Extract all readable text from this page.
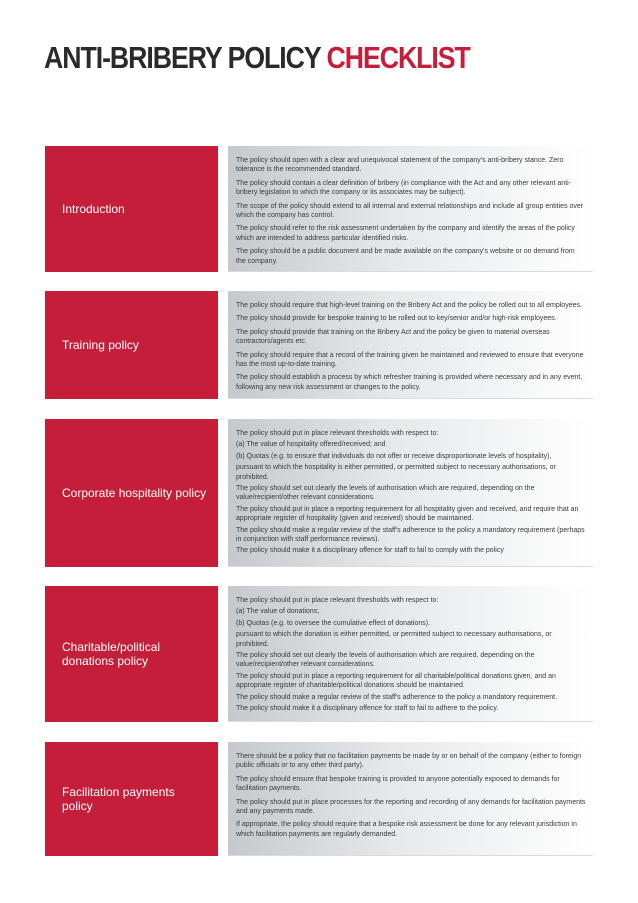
ANTI-BRIBERY POLICY CHECKLIST
Introduction

The policy should open with a clear and unequivocal statement of the company's anti-bribery stance. Zero tolerance is the recommended standard.

The policy should contain a clear definition of bribery (in compliance with the Act and any other relevant anti-bribery legislation to which the company or its associates may be subject).

The scope of the policy should extend to all internal and external relationships and include all group entities over which the company has control.

The policy should refer to the risk assessment undertaken by the company and identify the areas of the policy which are intended to address particular identified risks.

The policy should be a public document and be made available on the company's website or on demand from the company.

Training policy

The policy should require that high-level training on the Bribery Act and the policy be rolled out to all employees.

The policy should provide for bespoke training to be rolled out to key/senior and/or high-risk employees.

The policy should provide that training on the Bribery Act and the policy be given to material overseas contractors/agents etc.

The policy should require that a record of the training given be maintained and reviewed to ensure that everyone has the most up-to-date training.

The policy should establish a process by which refresher training is provided where necessary and in any event, following any new risk assessment or changes to the policy.

Corporate hospitality policy

The policy should put in place relevant thresholds with respect to:

(a) The value of hospitality offered/received; and

(b) Quotas (e.g. to ensure that individuals do not offer or receive disproportionate levels of hospitality),

pursuant to which the hospitality is either permitted, or permitted subject to necessary authorisations, or prohibited.

The policy should set out clearly the levels of authorisation which are required, depending on the value/recipient/other relevant considerations.

The policy should put in place a reporting requirement for all hospitality given and received, and require that an appropriate register of hospitality (given and received) should be maintained.

The policy should make a regular review of the staff's adherence to the policy a mandatory requirement (perhaps in conjunction with staff performance reviews).

The policy should make it a disciplinary offence for staff to fail to comply with the policy

Charitable/political donations policy

The policy should put in place relevant thresholds with respect to:

(a) The value of donations;

(b) Quotas (e.g. to oversee the cumulative effect of donations).

pursuant to which the donation is either permitted, or permitted subject to necessary authorisations, or prohibited.

The policy should set out clearly the levels of authorisation which are required, depending on the value/recipient/other relevant considerations.

The policy should put in place a reporting requirement for all charitable/political donations given, and an appropriate register of charitable/political donations should be maintained.

The policy should make a regular review of the staff's adherence to the policy a mandatory requirement.

The policy should make it a disciplinary offence for staff to fail to adhere to the policy.

Facilitation payments policy

There should be a policy that no facilitation payments be made by or on behalf of the company (either to foreign public officials or to any other third party).

The policy should ensure that bespoke training is provided to anyone potentially exposed to demands for facilitation payments.

The policy should put in place processes for the reporting and recording of any demands for facilitation payments and any payments made.

If appropriate, the policy should require that a bespoke risk assessment be done for any relevant jurisdiction in which facilitation payments are regularly demanded.
